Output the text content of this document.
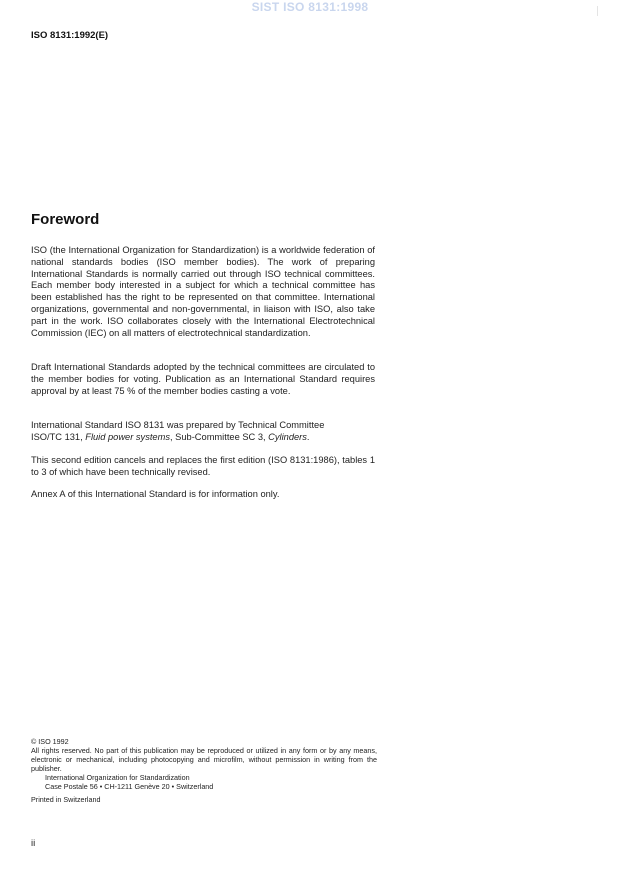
SIST ISO 8131:1998
ISO 8131:1992(E)
Foreword
ISO (the International Organization for Standardization) is a worldwide federation of national standards bodies (ISO member bodies). The work of preparing International Standards is normally carried out through ISO technical committees. Each member body interested in a subject for which a technical committee has been established has the right to be represented on that committee. International organizations, governmental and non-governmental, in liaison with ISO, also take part in the work. ISO collaborates closely with the International Electrotechnical Commission (IEC) on all matters of electrotechnical standardization.
Draft International Standards adopted by the technical committees are circulated to the member bodies for voting. Publication as an International Standard requires approval by at least 75 % of the member bodies casting a vote.
International Standard ISO 8131 was prepared by Technical Committee
ISO/TC 131, Fluid power systems, Sub-Committee SC 3, Cylinders.
This second edition cancels and replaces the first edition (ISO 8131:1986), tables 1 to 3 of which have been technically revised.
Annex A of this International Standard is for information only.
© ISO 1992
All rights reserved. No part of this publication may be reproduced or utilized in any form or by any means, electronic or mechanical, including photocopying and microfilm, without permission in writing from the publisher.
International Organization for Standardization
Case Postale 56 • CH-1211 Genève 20 • Switzerland
Printed in Switzerland
ii
